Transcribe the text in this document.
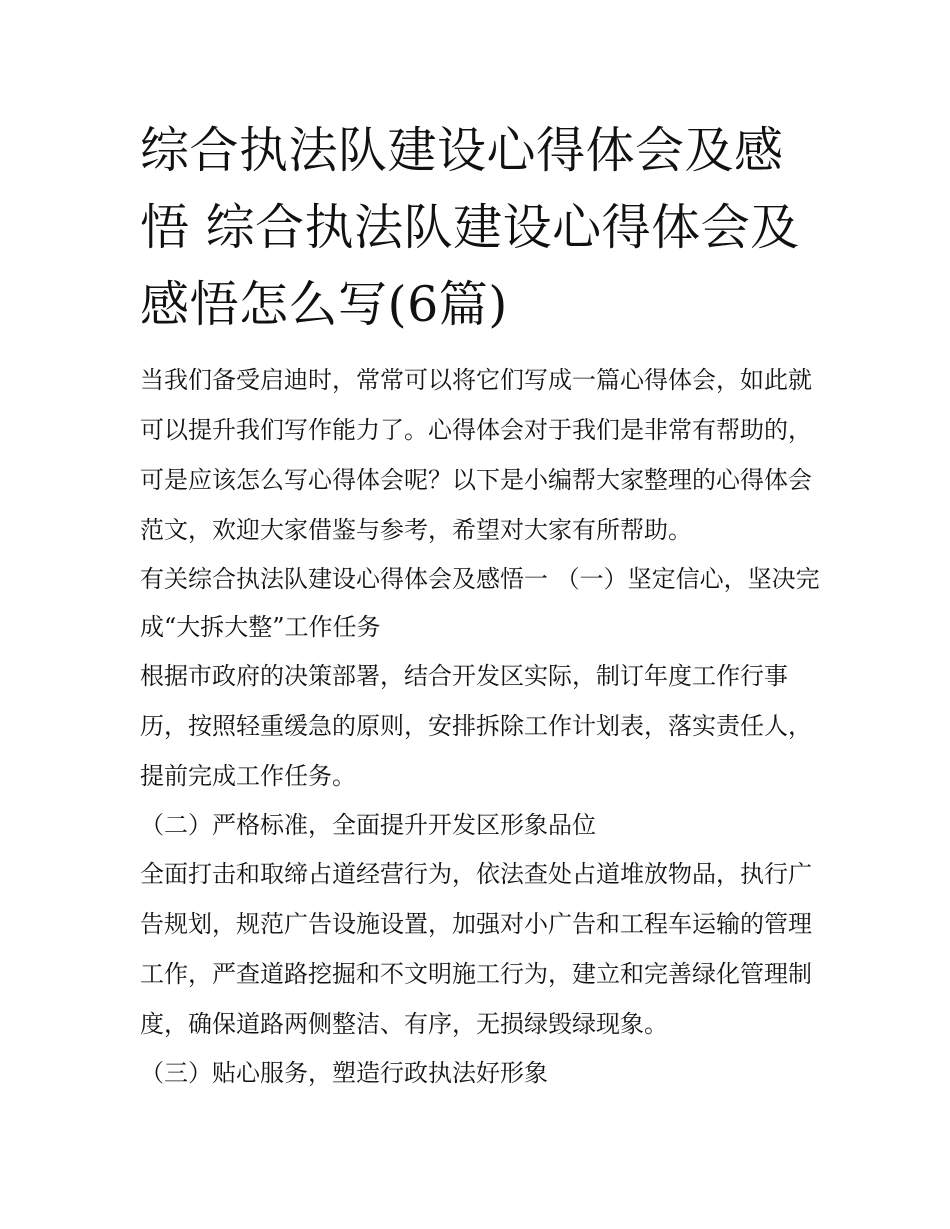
综合执法队建设心得体会及感悟 综合执法队建设心得体会及感悟怎么写(6篇)

当我们备受启迪时，常常可以将它们写成一篇心得体会，如此就可以提升我们写作能力了。心得体会对于我们是非常有帮助的，可是应该怎么写心得体会呢？以下是小编帮大家整理的心得体会范文，欢迎大家借鉴与参考，希望对大家有所帮助。

有关综合执法队建设心得体会及感悟一 （一）坚定信心，坚决完成“大拆大整”工作任务

根据市政府的决策部署，结合开发区实际，制订年度工作行事历，按照轻重缓急的原则，安排拆除工作计划表，落实责任人，提前完成工作任务。

（二）严格标准，全面提升开发区形象品位

全面打击和取缔占道经营行为，依法查处占道堆放物品，执行广告规划，规范广告设施设置，加强对小广告和工程车运输的管理工作，严查道路挖掘和不文明施工行为，建立和完善绿化管理制度，确保道路两侧整洁、有序，无损绿毁绿现象。

（三）贴心服务，塑造行政执法好形象
